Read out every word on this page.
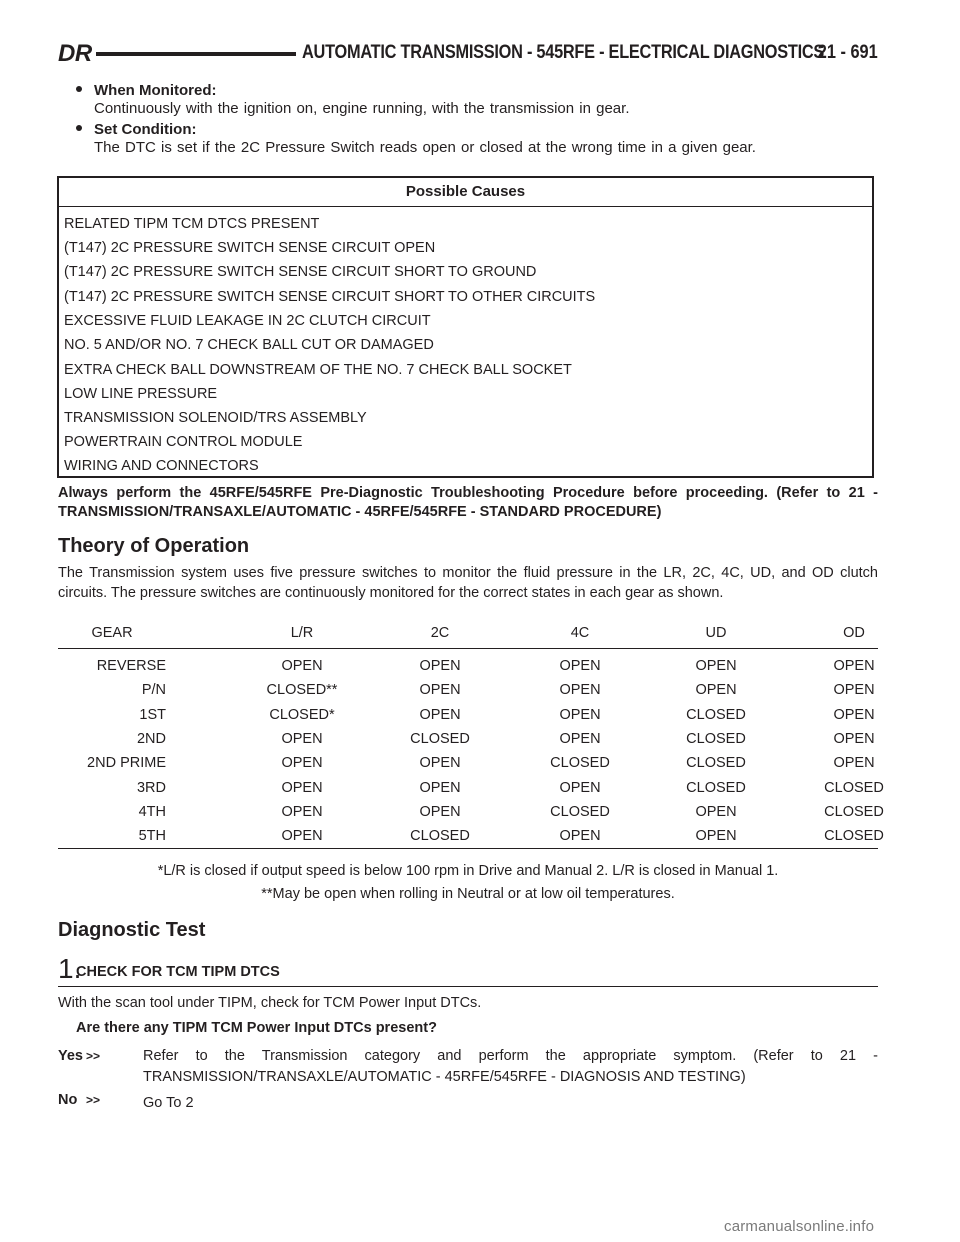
DR	AUTOMATIC TRANSMISSION - 545RFE - ELECTRICAL DIAGNOSTICS
21 - 691
When Monitored:
Continuously with the ignition on, engine running, with the transmission in gear.
Set Condition:
The DTC is set if the 2C Pressure Switch reads open or closed at the wrong time in a given gear.
Possible Causes
RELATED TIPM TCM DTCS PRESENT
(T147) 2C PRESSURE SWITCH SENSE CIRCUIT OPEN
(T147) 2C PRESSURE SWITCH SENSE CIRCUIT SHORT TO GROUND
(T147) 2C PRESSURE SWITCH SENSE CIRCUIT SHORT TO OTHER CIRCUITS
EXCESSIVE FLUID LEAKAGE IN 2C CLUTCH CIRCUIT
NO. 5 AND/OR NO. 7 CHECK BALL CUT OR DAMAGED
EXTRA CHECK BALL DOWNSTREAM OF THE NO. 7 CHECK BALL SOCKET
LOW LINE PRESSURE
TRANSMISSION SOLENOID/TRS ASSEMBLY
POWERTRAIN CONTROL MODULE
WIRING AND CONNECTORS
Always perform the 45RFE/545RFE Pre-Diagnostic Troubleshooting Procedure before proceeding. (Refer to 21 - TRANSMISSION/TRANSAXLE/AUTOMATIC - 45RFE/545RFE - STANDARD PROCEDURE)
Theory of Operation
The Transmission system uses five pressure switches to monitor the fluid pressure in the LR, 2C, 4C, UD, and OD clutch circuits. The pressure switches are continuously monitored for the correct states in each gear as shown.
GEAR	L/R	2C	4C	UD	OD
REVERSE	OPEN	OPEN	OPEN	OPEN	OPEN
P/N	CLOSED**	OPEN	OPEN	OPEN	OPEN
1ST	CLOSED*	OPEN	OPEN	CLOSED	OPEN
2ND	OPEN	CLOSED	OPEN	CLOSED	OPEN
2ND PRIME	OPEN	OPEN	CLOSED	CLOSED	OPEN
3RD	OPEN	OPEN	OPEN	CLOSED	CLOSED
4TH	OPEN	OPEN	CLOSED	OPEN	CLOSED
5TH	OPEN	CLOSED	OPEN	OPEN	CLOSED
*L/R is closed if output speed is below 100 rpm in Drive and Manual 2. L/R is closed in Manual 1.
**May be open when rolling in Neutral or at low oil temperatures.
Diagnostic Test
1.
CHECK FOR TCM TIPM DTCS
With the scan tool under TIPM, check for TCM Power Input DTCs.
Are there any TIPM TCM Power Input DTCs present?
Yes >>	Refer to the Transmission category and perform the appropriate symptom. (Refer to 21 - TRANSMISSION/TRANSAXLE/AUTOMATIC - 45RFE/545RFE - DIAGNOSIS AND TESTING)
No >>	Go To 2
carmanualsonline.info
